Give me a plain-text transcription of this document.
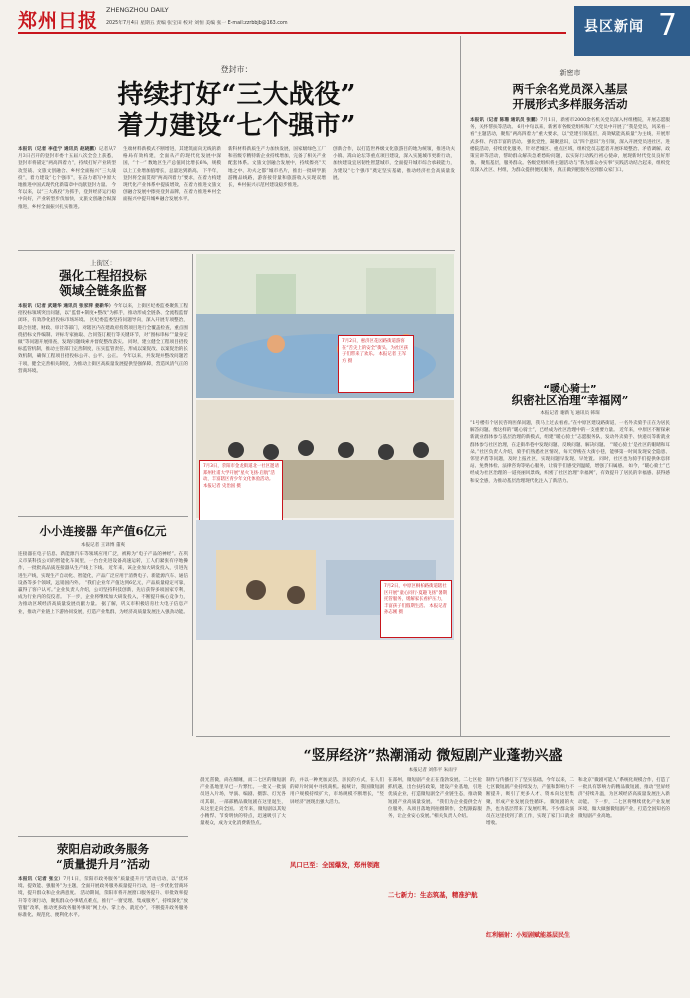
郑州日报 ZHENGZHOU DAILY
2025年7月4日 星期五 责编 张宝田 校对 刘恒 美编 张一 E-mail:zzrbbjb@163.com	县区新闻 7
登封市：
持续打好“三大战役”
着力建设“七个强市”
本报讯（记者 李佳宁 通讯员 赵晓鹏）记者从7月3日召开的登封市委十五届八次全会上获悉，登封市将锚定“两高四着力”，持续打好产业转型攻坚战、文旅文创融合、乡村全面振兴“三大战役”，着力建设“七个强市”，在奋力谱写中原大地推进中国式现代化新篇章中贡献登封力量。 今年以来，以“三大战役”为抓手，登封经济运行稳中向好，产业转型步伐加快，文旅文创融合纵深推进，乡村全面振兴扎实推进。
生端材料新模式不断增进，其建筑面向无线的新格局有效构建，全面从产的现代化发展中深国，“十一” 数地区生产总值同比增长6%，规模以上工业增加值增长，总量达到新高。 下半年，登封将全面贯彻“两高四着力”要求，在着力构建现代化产业体系中提质增效，在着力推进文旅文创融合发展中擦亮登封品牌，在着力推进乡村全面振兴中提升城乡融合发展水平。
新科材料新质生产力加快发展，国家级绿色工厂和省级专精特新企业持续增加，完备了相关产业配套体系。文旅文创融合发展中，持续擦亮“天地之中、功夫之都”城市名片，推出一批研学旅游精品线路，游客接待量和旅游收入实现双增长，乡村振兴示范村建设稳步推进。
创新合作，以打造世界级文化旅游目的地为统领，推进功夫小镇、嵩山论坛等重点项目建设，深入实施城市更新行动，加快建设宜居韧性智慧城市，全面提升城市综合承载能力，为建设“七个强市”奠定坚实基础，推动经济社会高质量发展。
新密市
两千余名党员深入基层
开展形式多样服务活动
本报讯（记者 陈珊 通讯员 张鹏）7月1日，新密市2000余名机关党员深入村组楼院，开展志愿服务，关怀帮扶等活动。 6月中旬以来，新密市各级党组织和广大党员中开展了“我是党员，风采看一看”主题活动，聚焦“两高四着力”重大要求，以“党建引领基层，高效赋能高质量”为主线，开展形式多样、内容丰富的活动。 强化党性，凝聚意识，以“四个意识”为引领，深入开展党员进社区、进楼院活动，持续优化服务，针对老城区、重点区域，组织党员志愿者开展环境整治、矛盾调解、政策宣讲等活动，帮助群众解决急难愁盼问题，以实际行动践行初心使命，展现新时代党员良好形象。 聚焦基层，服务群众。各级党组织将主题活动与“我为群众办实事”实践活动结合起来，组织党员深入社区、村组，为群众提供便民服务，真正做到把服务送到群众家门口。
上街区：
强化工程招投标
领域全链条监督
本报讯（记者 武建华 通讯员 张家萍 姜新华）今年以来，上街区纪委监委聚焦工程招投标领域突出问题，以“监督+制度+整改”为抓手，推动形成全链条、全流程监督闭环，有效净化招投标市场环境。 区纪委监委坚持问题导向，深入开展专项整治，联合住建、财政、审计等部门，对辖区内在建政府投资项目进行全覆盖检查，重点围绕招标文件编制、评标专家抽取、合同签订履行等关键环节，对“围标串标”“量身定做”等问题开展排查，发现问题线索并督促整改落实。 同时，建立健全工程项目招投标监管机制，推动主管部门完善制度，压实监管责任，形成以案促改、以案促治的长效机制，确保工程项目招投标公开、公平、公正。 今年以来，共发现并整改问题若干项，健全完善相关制度，为推动上街区高质量发展提供坚强保障，营造风清气正的营商环境。
7月2日，惠济区花园路街道游客在“舌尖上的安全”街头，为社区孩子们带来了欢乐。 本报记者 王军方 摄
7月3日，荥阳市金龙街道北一社区邀请郑州杜甫大学开展“星火飞扬·启航”活动，丰富辖区青少年文化体验活动。 本报记者 史治国 摄
7月2日，中原区桐柏路街道辖社区开展“童心同行·夏趣飞扬”暑期托管服务，缓解家长看护压力，丰富孩子们假期生活。 本报记者 孙志刚 摄
小小连接器 年产值6亿元
本报记者 王译博 董爽
连接器在电子信息、新能源汽车等领域应用广泛，被称为“电子产品的神经”。在巩义市某科技公司的智能化车间里，一台台先进设备高速运转，工人们紧张有序地操作，一批批高品质连接器从生产线上下线。 近年来，该企业加大研发投入，引进先进生产线，实现生产自动化、智能化，产品广泛应用于消费电子、新能源汽车、通信设备等多个领域，远销国内外。 “我们企业年产值达到6亿元，产品质量稳定可靠，赢得了客户认可。”企业负责人介绍，公司坚持科技创新，先后获得多项国家专利，成为行业内的佼佼者。 下一步，企业将继续加大研发投入，不断提升核心竞争力，为推动区域经济高质量发展贡献力量。 据了解，巩义市积极培育壮大电子信息产业，推动产业链上下游协同发展，打造产业集群，为经济高质量发展注入强劲动能。
“暖心骑士”
织密社区治理“幸福网”
本报记者 谢新飞 通讯员 韩琛
“1号楼有个居民咨询医保问题，我马上过去看看。”在中原区建设路街道，一名外卖骑手正在为居民解答问题。像这样的“暖心骑士”，已经成为社区治理中的一支重要力量。 近年来，中原区不断探索新就业群体参与基层治理的新模式，组建“暖心骑士”志愿服务队，发动外卖骑手、快递员等新就业群体参与社区治理，在走街串巷中发现问题、反映问题、解决问题。 “‘暖心骑士’是社区的眼睛和耳朵。”社区负责人介绍，骑手们熟悉社区情况，每天穿梭在大街小巷，能够第一时间发现安全隐患、邻里矛盾等问题，及时上报社区，实现问题早发现、早处置。 同时，社区也为骑手们提供休息驿站、免费体检、法律咨询等贴心服务，让骑手们感受到温暖，增强了归属感。 如今，“暖心骑士”已经成为社区治理的一道亮丽风景线，织密了社区治理“幸福网”，有效提升了居民的幸福感、获得感和安全感，为推动基层治理现代化注入了新活力。
“竖屏经济”热潮涌动 微短剧产业蓬勃兴盛
本报记者 刘伟平 朱雨宇
晨光熹微，尚在酣睡，而二七区的微短剧产业基地里早已一片繁忙。一批又一批演员进入片场，导演、编剧、摄影、灯光各司其职，一部部精品微短剧在这里诞生，从这里走向全国。 近年来，微短剧以其短小精悍、节奏明快的特点，迅速吸引了大量观众，成为文化消费新热点。
的，并以一种更加灵活、亲民的方式，在人们的碎片时间中寻找商机。据统计，我国微短剧用户规模持续扩大，市场规模不断增长，“竖屏经济”展现出强大活力。
风口已至：全国爆发，郑州领跑
在郑州，微短剧产业正在蓬勃发展。二七区抢抓机遇，出台扶持政策，建设产业基地，引进优质企业，打造微短剧全产业链生态，推动微短剧产业高质量发展。 “我们为企业提供全方位服务，从项目落地到拍摄制作，全程跟踪服务，让企业安心发展。”相关负责人介绍。
二七新力：生态筑基，精准护航
制作与传播打下了坚实基础。今年以来，二七区微短剧产业持续发力，产值和影响力不断提升，吸引了更多人才、资本向这里集聚，形成产业发展良性循环。 微短剧的火热，也为基层带来了发展红利。不少群众演员在这里找到了新工作，实现了家门口就业增收。
红利辐射：小短剧赋能基层民生
和北京“微剧可能人”系统化规模合作，打造了一批具有影响力的精品微短剧，推动“竖屏经济”持续升温，为区域经济高质量发展注入新动能。 下一步，二七区将继续优化产业发展环境，做大做强微短剧产业，打造全国知名的微短剧产业高地。
荥阳启动政务服务
“质量提升月”活动
本报讯（记者 张立）7月1日，荥阳市政务服务“质量提升月”活动启动，以“优环境、提效能、强服务”为主题，全面开展政务服务质量提升行动，进一步优化营商环境，提升群众和企业满意度。 活动期间，荥阳市将开展窗口服务提升、审批效率提升等专项行动，聚焦群众办事堵点难点，推行“一窗受理、集成服务”，持续深化“放管服”改革，推动更多政务服务事项“网上办、掌上办、就近办”，不断提升政务服务标准化、规范化、便利化水平。
